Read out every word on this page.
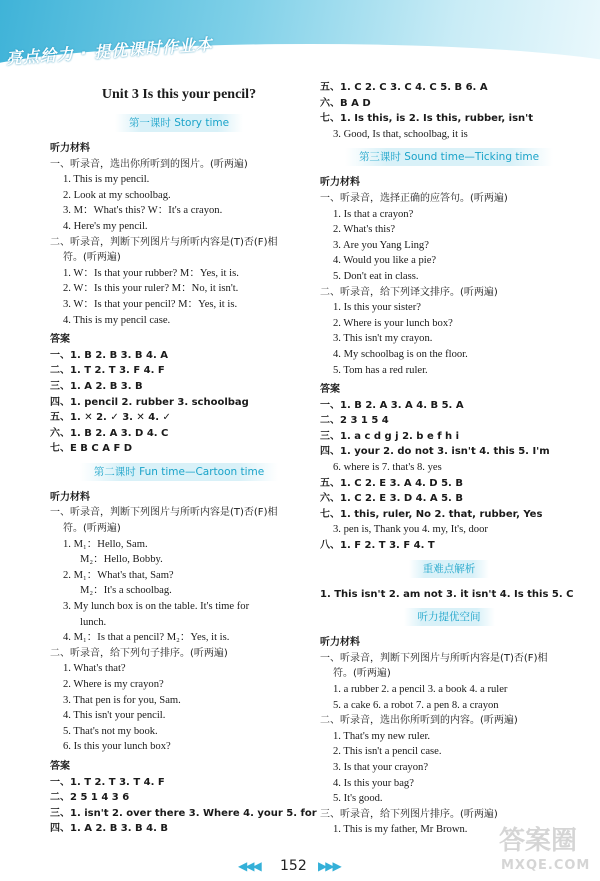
亮点给力 · 提优课时作业本
Unit 3 Is this your pencil?
第一课时 Story time
听力材料
一、听录音，选出你所听到的图片。(听两遍)
1. This is my pencil.
2. Look at my schoolbag.
3. M：What's this? W：It's a crayon.
4. Here's my pencil.
二、听录音，判断下列图片与所听内容是(T)否(F)相
符。(听两遍)
1. W：Is that your rubber? M：Yes, it is.
2. W：Is this your ruler? M：No, it isn't.
3. W：Is that your pencil? M：Yes, it is.
4. This is my pencil case.
答案
一、1. B 2. B 3. B 4. A
二、1. T 2. T 3. F 4. F
三、1. A 2. B 3. B
四、1. pencil 2. rubber 3. schoolbag
五、1. ✕ 2. ✓ 3. ✕ 4. ✓
六、1. B 2. A 3. D 4. C
七、E B C A F D
第二课时 Fun time—Cartoon time
听力材料
一、听录音，判断下列图片与所听内容是(T)否(F)相
符。(听两遍)
1. M₁：Hello, Sam.
M₂：Hello, Bobby.
2. M₁：What's that, Sam?
M₂：It's a schoolbag.
3. My lunch box is on the table. It's time for
lunch.
4. M₁：Is that a pencil? M₂：Yes, it is.
二、听录音，给下列句子排序。(听两遍)
1. What's that?
2. Where is my crayon?
3. That pen is for you, Sam.
4. This isn't your pencil.
5. That's not my book.
6. Is this your lunch box?
答案
一、1. T 2. T 3. T 4. F
二、2 5 1 4 3 6
三、1. isn't 2. over there 3. Where 4. your 5. for
四、1. A 2. B 3. B 4. B
五、1. C 2. C 3. C 4. C 5. B 6. A
六、B A D
七、1. Is this, is 2. Is this, rubber, isn't
3. Good, Is that, schoolbag, it is
第三课时 Sound time—Ticking time
听力材料
一、听录音，选择正确的应答句。(听两遍)
1. Is that a crayon?
2. What's this?
3. Are you Yang Ling?
4. Would you like a pie?
5. Don't eat in class.
二、听录音，给下列译文排序。(听两遍)
1. Is this your sister?
2. Where is your lunch box?
3. This isn't my crayon.
4. My schoolbag is on the floor.
5. Tom has a red ruler.
答案
一、1. B 2. A 3. A 4. B 5. A
二、2 3 1 5 4
三、1. a c d g j 2. b e f h i
四、1. your 2. do not 3. isn't 4. this 5. I'm
6. where is 7. that's 8. yes
五、1. C 2. E 3. A 4. D 5. B
六、1. C 2. E 3. D 4. A 5. B
七、1. this, ruler, No 2. that, rubber, Yes
3. pen is, Thank you 4. my, It's, door
八、1. F 2. T 3. F 4. T
重难点解析
1. This isn't 2. am not 3. it isn't 4. Is this 5. C
听力提优空间
听力材料
一、听录音，判断下列图片与所听内容是(T)否(F)相
符。(听两遍)
1. a rubber 2. a pencil 3. a book 4. a ruler
5. a cake 6. a robot 7. a pen 8. a crayon
二、听录音，选出你所听到的内容。(听两遍)
1. That's my new ruler.
2. This isn't a pencil case.
3. Is that your crayon?
4. Is this your bag?
5. It's good.
三、听录音，给下列图片排序。(听两遍)
1. This is my father, Mr Brown.
◀◀◀ 152 ▶▶▶
答案圈
MXQE.COM
